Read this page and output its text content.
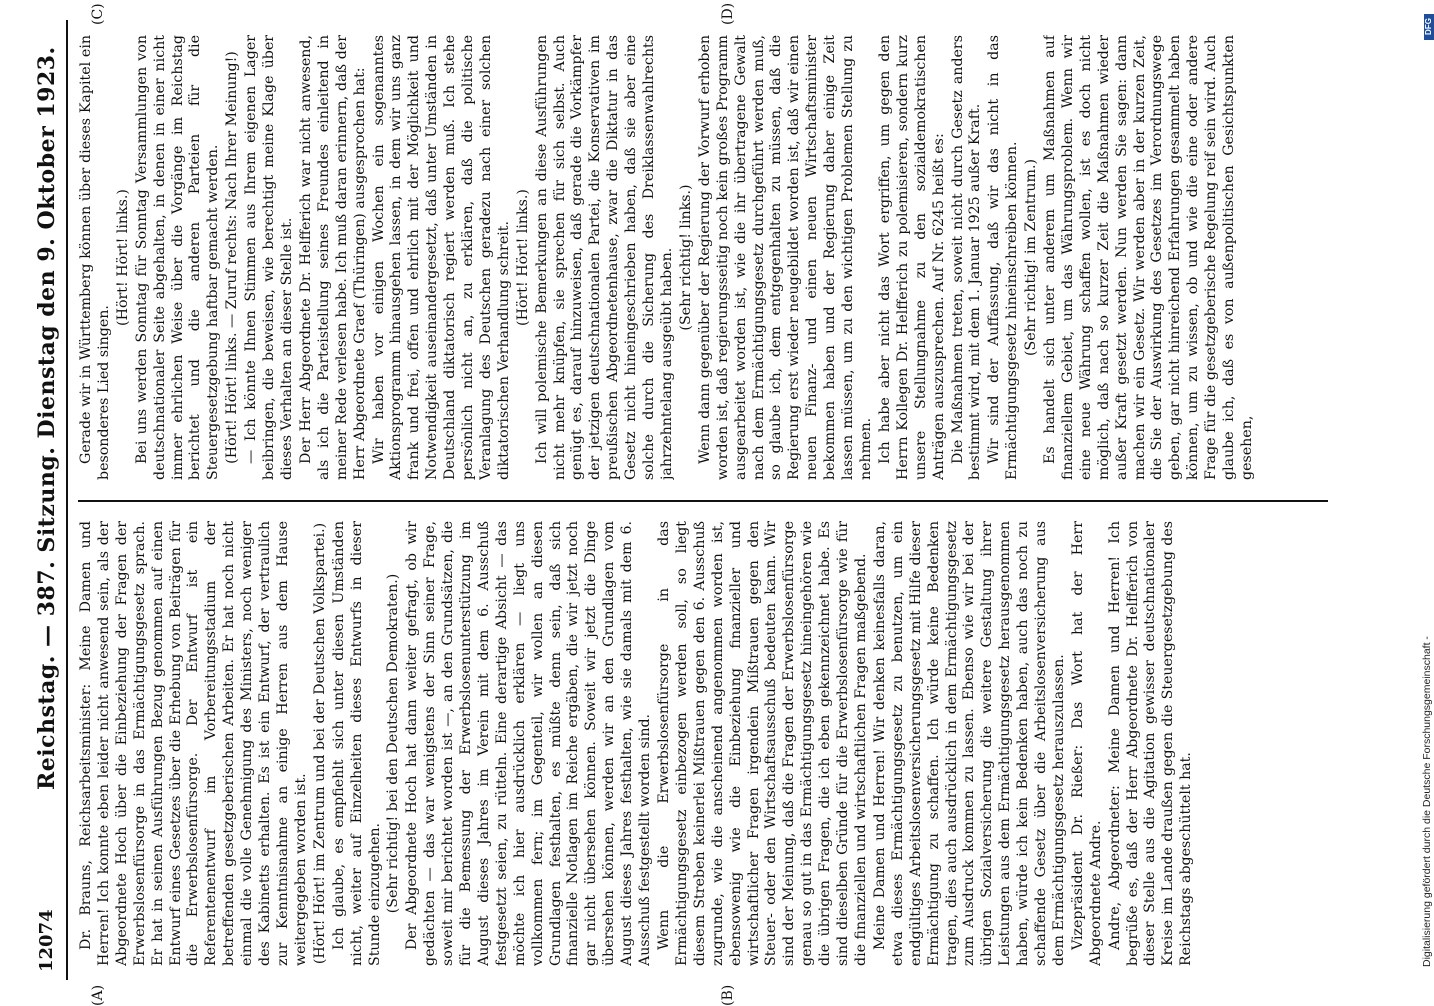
12074
Reichstag. — 387. Sitzung. Dienstag den 9. Oktober 1923.
(A)	(B)
(C)	(D)

Dr. Brauns, Reichsarbeitsminister: Meine Damen und Herren! Ich konnte eben leider nicht anwesend sein, als der Abgeordnete Hoch über die Einbeziehung der Fragen der Erwerbslosenfürsorge in das Ermächtigungsgesetz sprach. Er hat in seinen Ausführungen Bezug genommen auf einen Entwurf eines Gesetzes über die Erhebung von Beiträgen für die Erwerbslosenfürsorge. Der Entwurf ist ein Referentenentwurf im Vorbereitungsstadium der betreffenden gesetzgeberischen Arbeiten. Er hat noch nicht einmal die volle Genehmigung des Ministers, noch weniger des Kabinetts erhalten. Es ist ein Entwurf, der vertraulich zur Kenntnisnahme an einige Herren aus dem Hause weitergegeben worden ist. (Hört! Hört! im Zentrum und bei der Deutschen Volkspartei.) Ich glaube, es empfiehlt sich unter diesen Umständen nicht, weiter auf Einzelheiten dieses Entwurfs in dieser Stunde einzugehen. (Sehr richtig! bei den Deutschen Demokraten.) Der Abgeordnete Hoch hat dann weiter gefragt, ob wir gedächten — das war wenigstens der Sinn seiner Frage, soweit mir berichtet worden ist —, an den Grundsätzen, die für die Bemessung der Erwerbslosenunterstützung im August dieses Jahres im Verein mit dem 6. Ausschuß festgesetzt seien, zu rütteln. Eine derartige Absicht — das möchte ich hier ausdrücklich erklären — liegt uns vollkommen fern; im Gegenteil, wir wollen an diesen Grundlagen festhalten, es müßte denn sein, daß sich finanzielle Notlagen im Reiche ergäben, die wir jetzt noch gar nicht übersehen können. Soweit wir jetzt die Dinge übersehen können, werden wir an den Grundlagen vom August dieses Jahres festhalten, wie sie damals mit dem 6. Ausschuß festgestellt worden sind. Wenn die Erwerbslosenfürsorge in das Ermächtigungsgesetz einbezogen werden soll, so liegt diesem Streben keinerlei Mißtrauen gegen den 6. Ausschuß zugrunde, wie die anscheinend angenommen worden ist, ebensowenig wie die Einbeziehung finanzieller und wirtschaftlicher Fragen irgendein Mißtrauen gegen den Steuer- oder den Wirtschaftsausschuß bedeuten kann. Wir sind der Meinung, daß die Fragen der Erwerbslosenfürsorge genau so gut in das Ermächtigungsgesetz hineingehören wie die übrigen Fragen, die ich eben gekennzeichnet habe. Es sind dieselben Gründe für die Erwerbslosenfürsorge wie für die finanziellen und wirtschaftlichen Fragen maßgebend. Meine Damen und Herren! Wir denken keinesfalls daran, etwa dieses Ermächtigungsgesetz zu benutzen, um ein endgültiges Arbeitslosenversicherungsgesetz mit Hilfe dieser Ermächtigung zu schaffen. Ich würde keine Bedenken tragen, dies auch ausdrücklich in dem Ermächtigungsgesetz zum Ausdruck kommen zu lassen. Ebenso wie wir bei der übrigen Sozialversicherung die weitere Gestaltung ihrer Leistungen aus dem Ermächtigungsgesetz herausgenommen haben, würde ich kein Bedenken haben, auch das noch zu schaffende Gesetz über die Arbeitslosenversicherung aus dem Ermächtigungsgesetz herauszulassen. Vizepräsident Dr. Rießer: Das Wort hat der Herr Abgeordnete Andre. Andre, Abgeordneter: Meine Damen und Herren! Ich begrüße es, daß der Herr Abgeordnete Dr. Helfferich von dieser Stelle aus die Agitation gewisser deutschnationaler Kreise im Lande draußen gegen die Steuergesetzgebung des Reichstags abgeschüttelt hat.

Gerade wir in Württemberg können über dieses Kapitel ein besonderes Lied singen.

(Hört! Hört! links.) Bei uns werden Sonntag für Sonntag Versammlungen von deutschnationaler Seite abgehalten, in denen in einer nicht immer ehrlichen Weise über die Vorgänge im Reichstag berichtet und die anderen Parteien für die Steuergesetzgebung haftbar gemacht werden. (Hört! Hört! links. — Zuruf rechts: Nach Ihrer Meinung!) — Ich könnte Ihnen Stimmen aus Ihrem eigenen Lager beibringen, die beweisen, wie berechtigt meine Klage über dieses Verhalten an dieser Stelle ist. Der Herr Abgeordnete Dr. Helfferich war nicht anwesend, als ich die Parteistellung seines Freundes einleitend in meiner Rede verlesen habe. Ich muß daran erinnern, daß der Herr Abgeordnete Graef (Thüringen) ausgesprochen hat: Wir haben vor einigen Wochen ein sogenanntes Aktionsprogramm hinausgehen lassen, in dem wir uns ganz frank und frei, offen und ehrlich mit der Möglichkeit und Notwendigkeit auseinandergesetzt, daß unter Umständen in Deutschland diktatorisch regiert werden muß. Ich stehe persönlich nicht an, zu erklären, daß die politische Veranlagung des Deutschen geradezu nach einer solchen diktatorischen Verhandlung schreit. (Hört! Hört! links.) Ich will polemische Bemerkungen an diese Ausführungen nicht mehr knüpfen, sie sprechen für sich selbst. Auch genügt es, darauf hinzuweisen, daß gerade die Vorkämpfer der jetzigen deutschnationalen Partei, die Konservativen im preußischen Abgeordnetenhause, zwar die Diktatur in das Gesetz nicht hineingeschrieben haben, daß sie aber eine solche durch die Sicherung des Dreiklassenwahlrechts jahrzehntelang ausgeübt haben. (Sehr richtig! links.) Wenn dann gegenüber der Regierung der Vorwurf erhoben worden ist, daß regierungsseitig noch kein großes Programm ausgearbeitet worden ist, wie die ihr übertragene Gewalt nach dem Ermächtigungsgesetz durchgeführt werden muß, so glaube ich, dem entgegenhalten zu müssen, daß die Regierung erst wieder neugebildet worden ist, daß wir einen neuen Finanz- und einen neuen Wirtschaftsminister bekommen haben und der Regierung daher einige Zeit lassen müssen, um zu den wichtigen Problemen Stellung zu nehmen. Ich habe aber nicht das Wort ergriffen, um gegen den Herrn Kollegen Dr. Helfferich zu polemisieren, sondern kurz unsere Stellungnahme zu den sozialdemokratischen Anträgen auszusprechen. Auf Nr. 6245 heißt es: Die Maßnahmen treten, soweit nicht durch Gesetz anders bestimmt wird, mit dem 1. Januar 1925 außer Kraft. Wir sind der Auffassung, daß wir das nicht in das Ermächtigungsgesetz hineinschreiben können. (Sehr richtig! im Zentrum.) Es handelt sich unter anderem um Maßnahmen auf finanziellem Gebiet, um das Währungsproblem. Wenn wir eine neue Währung schaffen wollen, ist es doch nicht möglich, daß nach so kurzer Zeit die Maßnahmen wieder außer Kraft gesetzt werden. Nun werden Sie sagen: dann machen wir ein Gesetz. Wir werden aber in der kurzen Zeit, die Sie der Auswirkung des Gesetzes im Verordnungswege geben, gar nicht hinreichend Erfahrungen gesammelt haben können, um zu wissen, ob und wie die eine oder andere Frage für die gesetzgeberische Regelung reif sein wird. Auch glaube ich, daß es von außenpolitischen Gesichtspunkten gesehen,

DFG
Digitalisierung gefördert durch die Deutsche Forschungsgemeinschaft -
